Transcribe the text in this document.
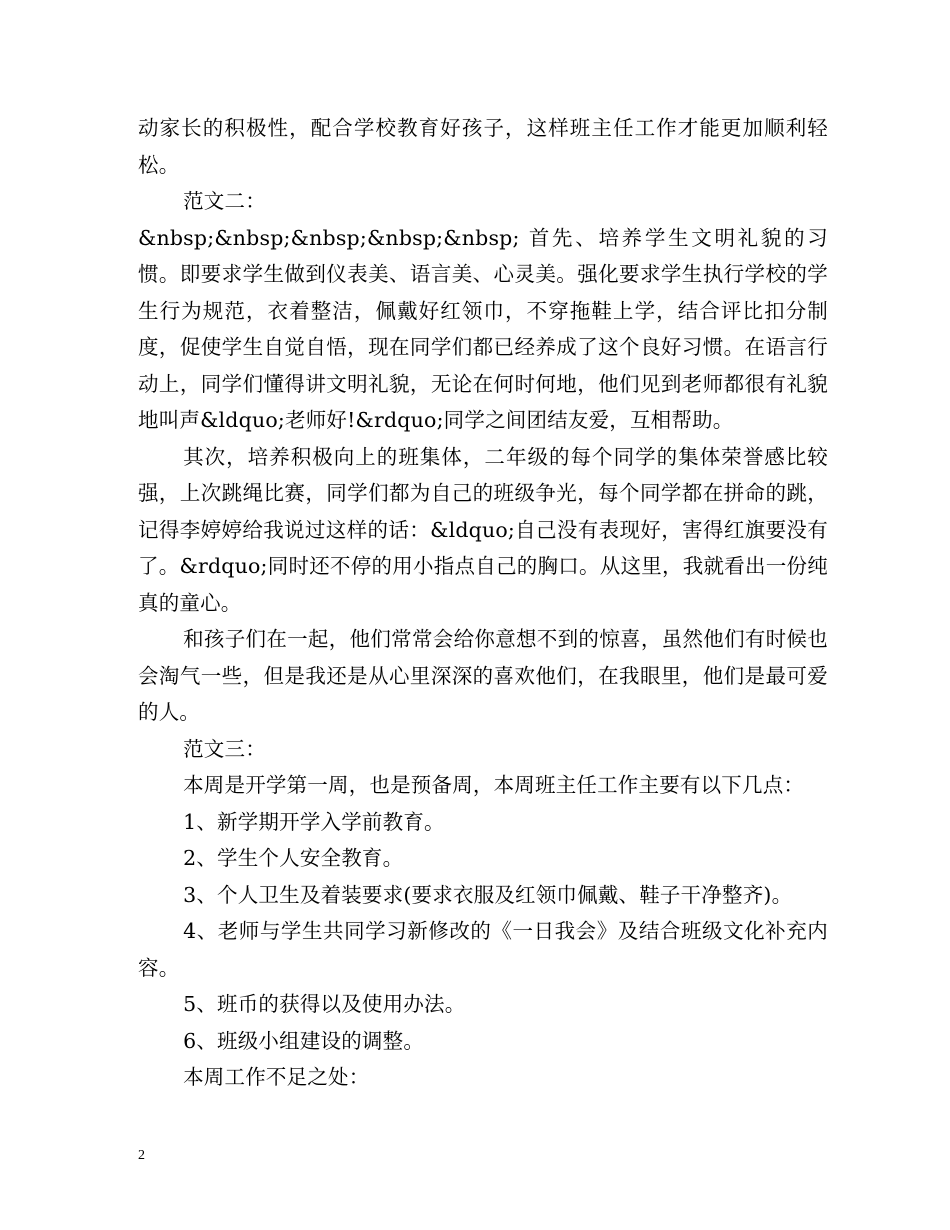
动家长的积极性，配合学校教育好孩子，这样班主任工作才能更加顺利轻松。

范文二：

&nbsp;&nbsp;&nbsp;&nbsp;&nbsp; 首先、培养学生文明礼貌的习惯。即要求学生做到仪表美、语言美、心灵美。强化要求学生执行学校的学生行为规范，衣着整洁，佩戴好红领巾，不穿拖鞋上学，结合评比扣分制度，促使学生自觉自悟，现在同学们都已经养成了这个良好习惯。在语言行动上，同学们懂得讲文明礼貌，无论在何时何地，他们见到老师都很有礼貌地叫声&ldquo;老师好!&rdquo;同学之间团结友爱，互相帮助。

其次，培养积极向上的班集体，二年级的每个同学的集体荣誉感比较强，上次跳绳比赛，同学们都为自己的班级争光，每个同学都在拼命的跳，记得李婷婷给我说过这样的话：&ldquo;自己没有表现好，害得红旗要没有了。&rdquo;同时还不停的用小指点自己的胸口。从这里，我就看出一份纯真的童心。

和孩子们在一起，他们常常会给你意想不到的惊喜，虽然他们有时候也会淘气一些，但是我还是从心里深深的喜欢他们，在我眼里，他们是最可爱的人。

范文三：

本周是开学第一周，也是预备周，本周班主任工作主要有以下几点：

1、新学期开学入学前教育。

2、学生个人安全教育。

3、个人卫生及着装要求(要求衣服及红领巾佩戴、鞋子干净整齐)。

4、老师与学生共同学习新修改的《一日我会》及结合班级文化补充内容。

5、班币的获得以及使用办法。

6、班级小组建设的调整。

本周工作不足之处：

2
